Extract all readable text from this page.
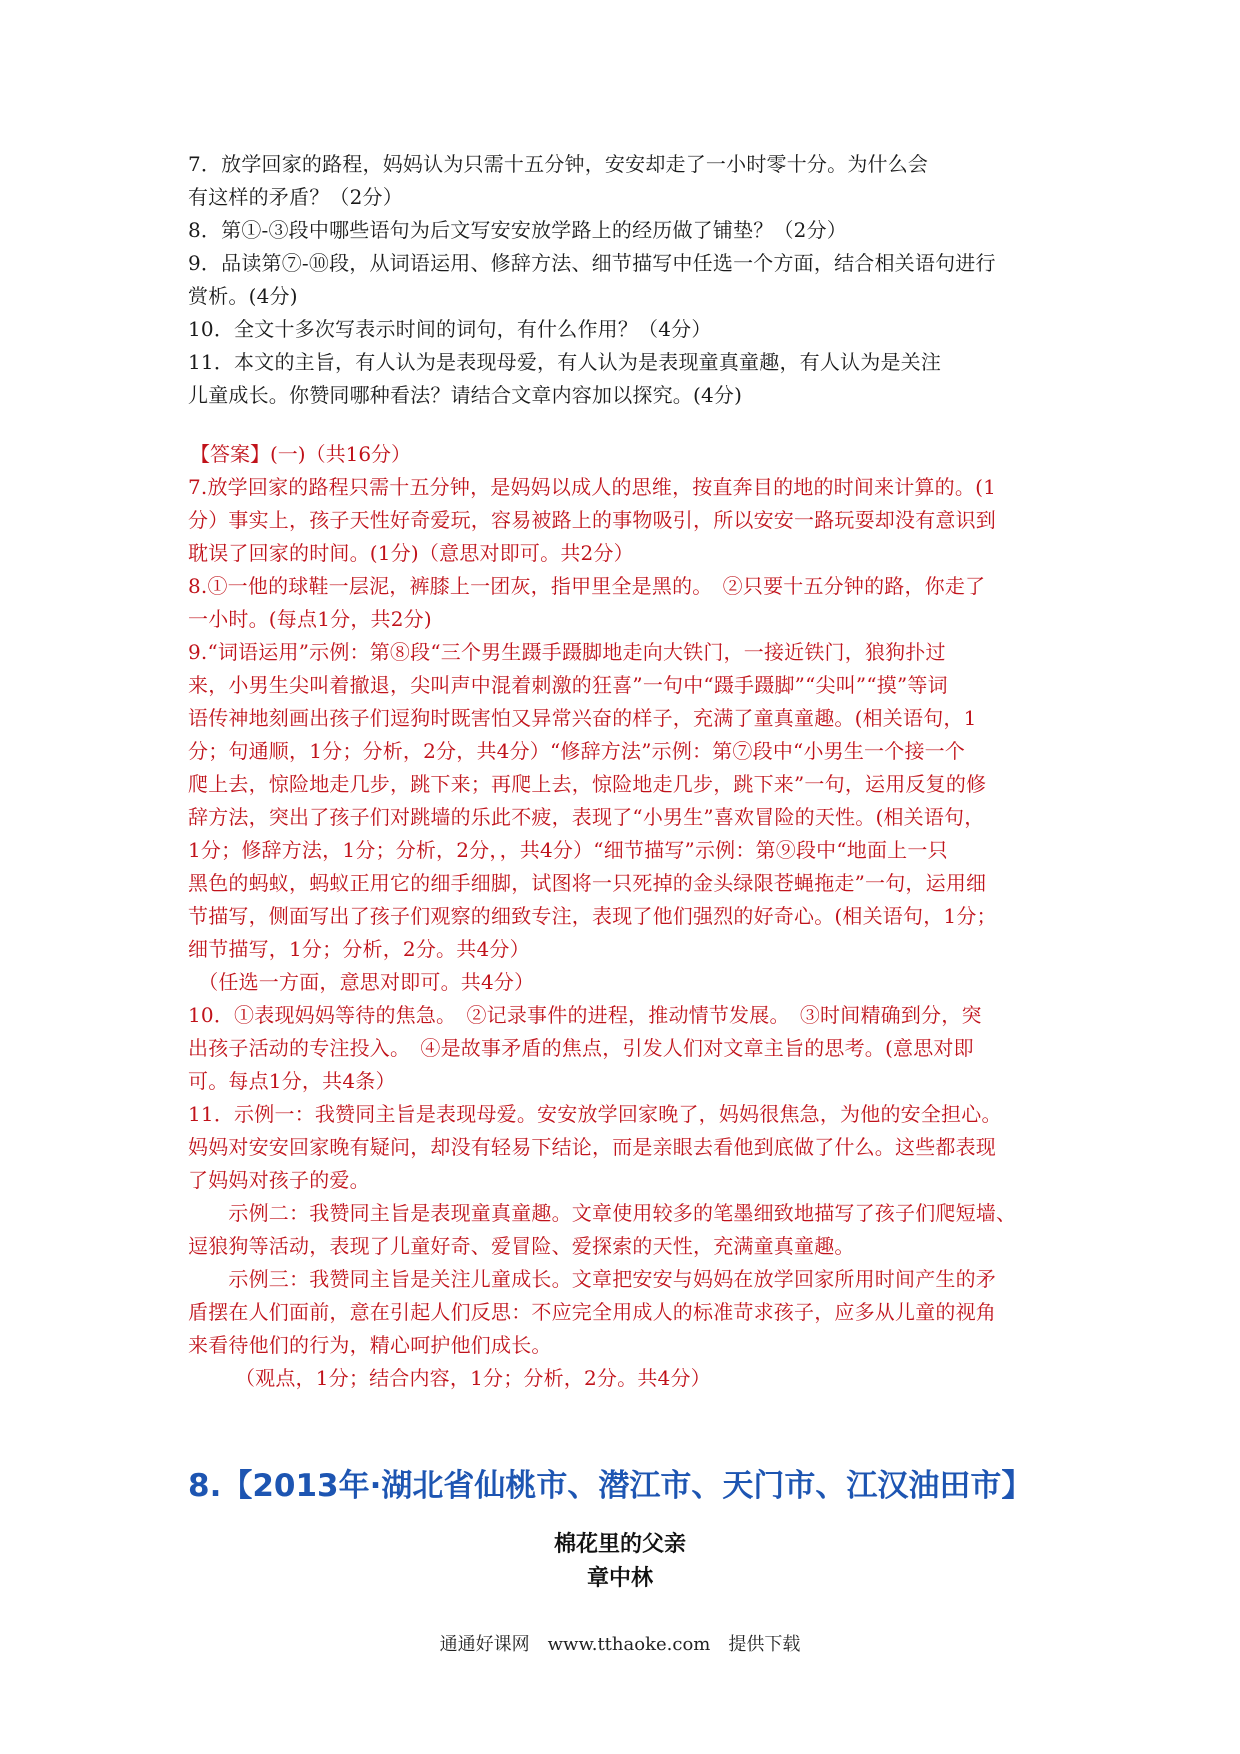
7．放学回家的路程，妈妈认为只需十五分钟，安安却走了一小时零十分。为什么会
有这样的矛盾？（2分）
8．第①-③段中哪些语句为后文写安安放学路上的经历做了铺垫？（2分）
9．品读第⑦-⑩段，从词语运用、修辞方法、细节描写中任选一个方面，结合相关语句进行
赏析。(4分)
10．全文十多次写表示时间的词句，有什么作用？（4分）
11．本文的主旨，有人认为是表现母爱，有人认为是表现童真童趣，有人认为是关注
儿童成长。你赞同哪种看法？请结合文章内容加以探究。(4分)
【答案】(一)（共16分）
7.放学回家的路程只需十五分钟，是妈妈以成人的思维，按直奔目的地的时间来计算的。(1
分）事实上，孩子天性好奇爱玩，容易被路上的事物吸引，所以安安一路玩耍却没有意识到
耽误了回家的时间。(1分)（意思对即可。共2分）
8.①一他的球鞋一层泥，裤膝上一团灰，指甲里全是黑的。　②只要十五分钟的路，你走了
一小时。(每点1分，共2分)
9.“词语运用”示例：第⑧段“三个男生蹑手蹑脚地走向大铁门，一接近铁门，狼狗扑过
来，小男生尖叫着撤退，尖叫声中混着刺激的狂喜”一句中“蹑手蹑脚”“尖叫”“摸”等词
语传神地刻画出孩子们逗狗时既害怕又异常兴奋的样子，充满了童真童趣。(相关语句，1
分；句通顺，1分；分析，2分，共4分）“修辞方法”示例：第⑦段中“小男生一个接一个
爬上去，惊险地走几步，跳下来；再爬上去，惊险地走几步，跳下来”一句，运用反复的修
辞方法，突出了孩子们对跳墙的乐此不疲，表现了“小男生”喜欢冒险的天性。(相关语句，
1分；修辞方法，1分；分析，2分，，共4分）“细节描写”示例：第⑨段中“地面上一只
黑色的蚂蚁，蚂蚁正用它的细手细脚，试图将一只死掉的金头绿限苍蝇拖走”一句，运用细
节描写，侧面写出了孩子们观察的细致专注，表现了他们强烈的好奇心。(相关语句，1分；
细节描写，1分；分析，2分。共4分）
　（任选一方面，意思对即可。共4分）
10．①表现妈妈等待的焦急。　②记录事件的进程，推动情节发展。　③时间精确到分，突
出孩子活动的专注投入。　④是故事矛盾的焦点，引发人们对文章主旨的思考。(意思对即
可。每点1分，共4条）
11．示例一：我赞同主旨是表现母爱。安安放学回家晚了，妈妈很焦急，为他的安全担心。
妈妈对安安回家晚有疑问，却没有轻易下结论，而是亲眼去看他到底做了什么。这些都表现
了妈妈对孩子的爱。
　　示例二：我赞同主旨是表现童真童趣。文章使用较多的笔墨细致地描写了孩子们爬短墙、
逗狼狗等活动，表现了儿童好奇、爱冒险、爱探索的天性，充满童真童趣。
　　示例三：我赞同主旨是关注儿童成长。文章把安安与妈妈在放学回家所用时间产生的矛
盾摆在人们面前，意在引起人们反思：不应完全用成人的标准苛求孩子，应多从儿童的视角
来看待他们的行为，精心呵护他们成长。
　　 （观点，1分；结合内容，1分；分析，2分。共4分）
8.【2013年·湖北省仙桃市、潜江市、天门市、江汉油田市】
棉花里的父亲
章中林
通通好课网　www.tthaoke.com　提供下载
